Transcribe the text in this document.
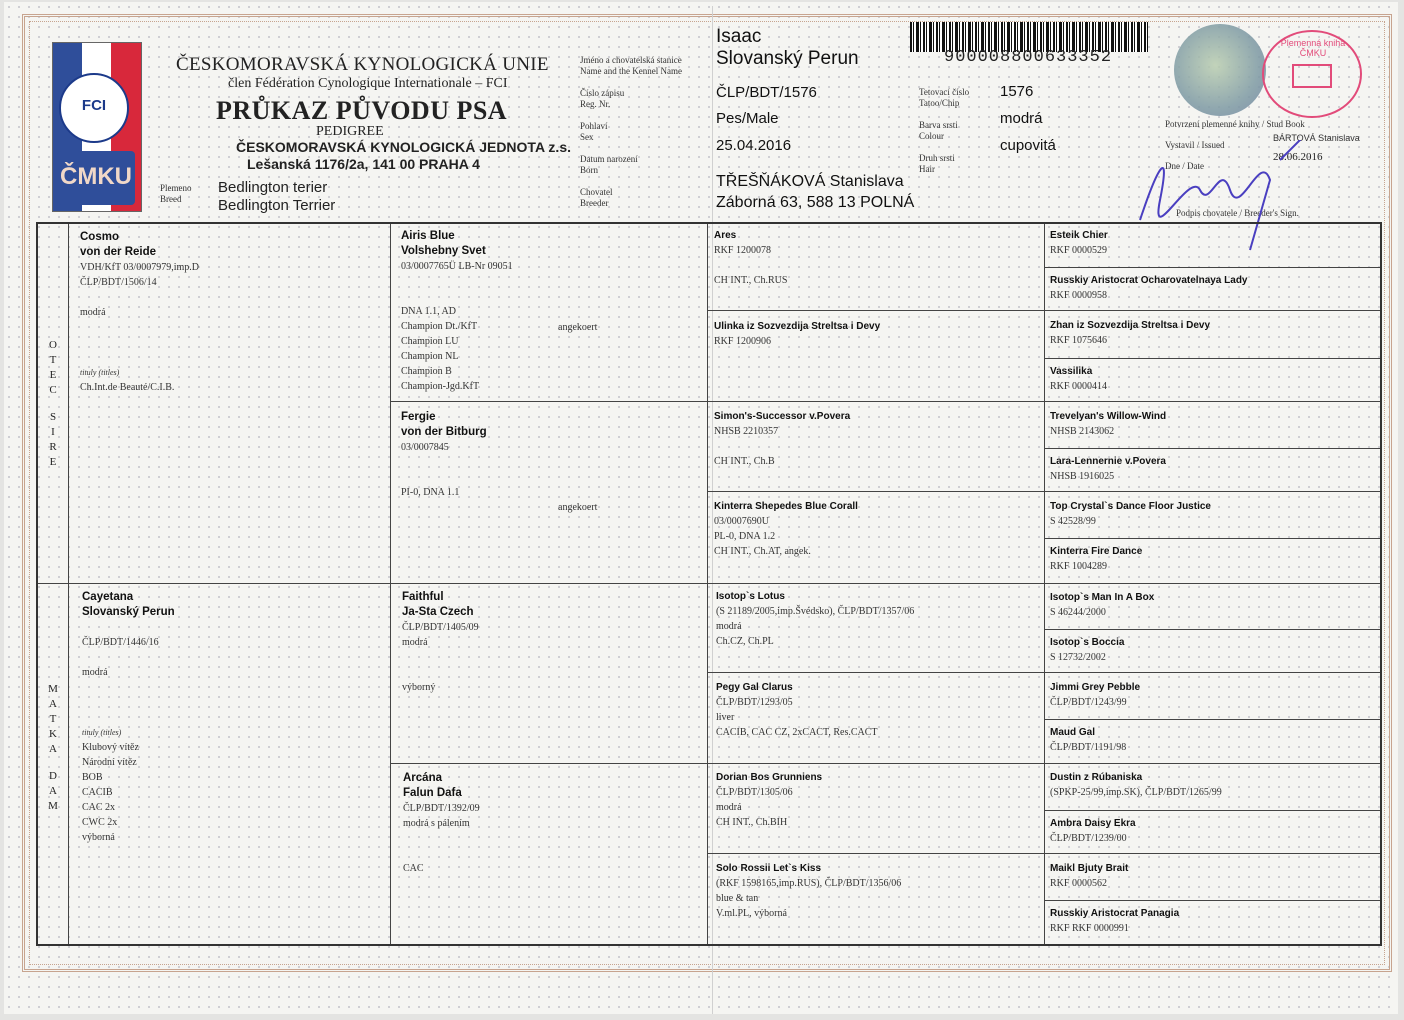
FCI
ČMKU
ČESKOMORAVSKÁ KYNOLOGICKÁ UNIE
člen Fédération Cynologique Internationale – FCI
PRŮKAZ PŮVODU PSA
PEDIGREE
ČESKOMORAVSKÁ KYNOLOGICKÁ JEDNOTA z.s.
Lešanská 1176/2a, 141 00 PRAHA 4
Plemeno
Breed
Bedlington terier
Bedlington Terrier
Jméno a chovatelská stanice
Name and the Kennel Name
Číslo zápisu
Reg. Nr.
Pohlaví
Sex
Datum narození
Born
Chovatel
Breeder
Isaac
Slovanský Perun
ČLP/BDT/1576
Pes/Male
25.04.2016
TŘEŠŇÁKOVÁ Stanislava
Záborná 63, 588 13 POLNÁ
Tetovací číslo
Tatoo/Chip
Barva srsti
Colour
Druh srsti
Hair
1576
modrá
cupovitá
900008800633352
Plemenná kniha ČMKU
Potvrzení plemenné knihy / Stud Book
Vystavil / Issued
BÁRTOVÁ Stanislava
Dne / Date
28.06.2016
Podpis chovatele / Breeder's Sign.
O
T
E
C
S
I
R
E
M
A
T
K
A
D
A
M
Cosmo
von der Reide
VDH/KfT 03/0007979,imp.D
ČLP/BDT/1506/14
modrá
tituly (titles)
Ch.Int.de Beauté/C.I.B.
Cayetana
Slovanský Perun
ČLP/BDT/1446/16
modrá
tituly (titles)
Klubový vítěz
Národní vítěz
BOB
CACIB
CAC 2x
CWC 2x
výborná
Airis Blue
Volshebny Svet
03/0007765Ü LB-Nr 09051
DNA 1.1, AD
Champion Dt./KfT
Champion LU
Champion NL
Champion B
Champion-Jgd.KfT
angekoert
Fergie
von der Bitburg
03/0007845
PI-0, DNA 1.1
angekoert
Faithful
Ja-Sta Czech
ČLP/BDT/1405/09
modrá
výborný
Arcána
Falun Dafa
ČLP/BDT/1392/09
modrá s pálením
CAC
Ares
RKF 1200078
CH INT., Ch.RUS
Ulinka iz Sozvezdija Streltsa i Devy
RKF 1200906
Simon's-Successor v.Povera
NHSB 2210357
CH INT., Ch.B
Kinterra Shepedes Blue Corall
03/0007690U
PL-0, DNA 1.2
CH INT., Ch.AT, angek.
Isotop`s Lotus
(S 21189/2005,imp.Švédsko), ČLP/BDT/1357/06
modrá
Ch.CZ, Ch.PL
Pegy Gal Clarus
ČLP/BDT/1293/05
liver
CACIB, CAC CZ, 2xCACT, Res.CACT
Dorian Bos Grunniens
ČLP/BDT/1305/06
modrá
CH INT., Ch.BIH
Solo Rossii Let`s Kiss
(RKF 1598165,imp.RUS), ČLP/BDT/1356/06
blue & tan
V.ml.PL, výborná
Esteik Chier
RKF 0000529
Russkiy Aristocrat Ocharovatelnaya Lady
RKF 0000958
Zhan iz Sozvezdija Streltsa i Devy
RKF 1075646
Vassilika
RKF 0000414
Trevelyan's Willow-Wind
NHSB 2143062
Lara-Lennernie v.Povera
NHSB 1916025
Top Crystal`s Dance Floor Justice
S 42528/99
Kinterra Fire Dance
RKF 1004289
Isotop`s Man In A Box
S 46244/2000
Isotop`s Boccia
S 12732/2002
Jimmi Grey Pebble
ČLP/BDT/1243/99
Maud Gal
ČLP/BDT/1191/98
Dustin z Rúbaniska
(SPKP-25/99,imp.SK), ČLP/BDT/1265/99
Ambra Daisy Ekra
ČLP/BDT/1239/00
Maikl Bjuty Brait
RKF 0000562
Russkiy Aristocrat Panagia
RKF RKF 0000991
